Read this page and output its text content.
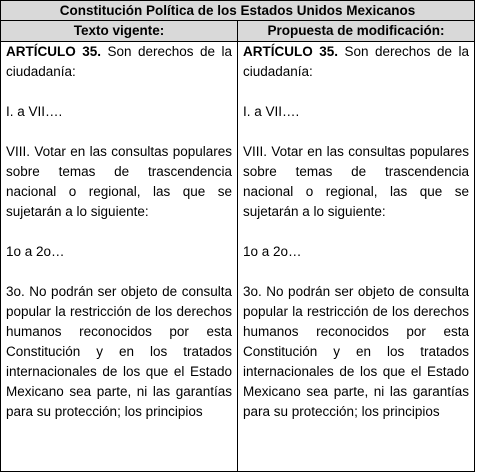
Constitución Política de los Estados Unidos Mexicanos
Texto vigente:	Propuesta de modificación:

ARTÍCULO 35. Son derechos de la ciudadanía:

I. a VII….

VIII. Votar en las consultas populares sobre temas de trascendencia nacional o regional, las que se sujetarán a lo siguiente:

1o a 2o…

3o. No podrán ser objeto de consulta popular la restricción de los derechos humanos reconocidos por esta Constitución y en los tratados internacionales de los que el Estado Mexicano sea parte, ni las garantías para su protección; los principios

ARTÍCULO 35. Son derechos de la ciudadanía:

I. a VII….

VIII. Votar en las consultas populares sobre temas de trascendencia nacional o regional, las que se sujetarán a lo siguiente:

1o a 2o…

3o. No podrán ser objeto de consulta popular la restricción de los derechos humanos reconocidos por esta Constitución y en los tratados internacionales de los que el Estado Mexicano sea parte, ni las garantías para su protección; los principios
